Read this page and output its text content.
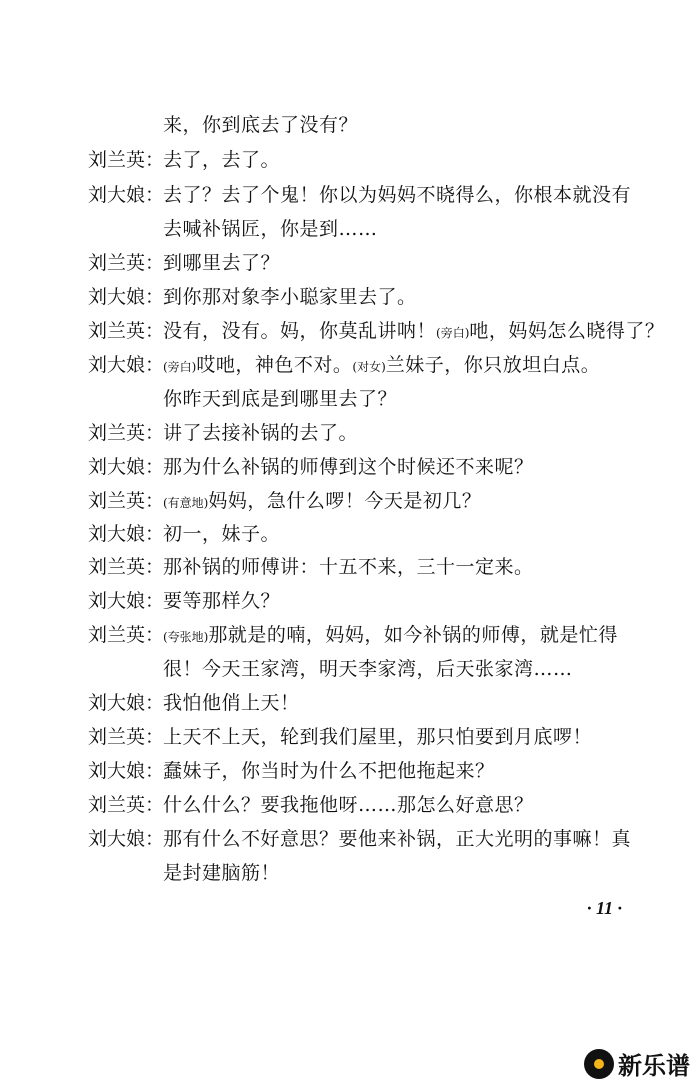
来，你到底去了没有？
刘兰英：
去了，去了。
刘大娘：
去了？去了个鬼！你以为妈妈不晓得么，你根本就没有
去喊补锅匠，你是到……
刘兰英：
到哪里去了？
刘大娘：
到你那对象李小聪家里去了。
刘兰英：
没有，没有。妈，你莫乱讲呐！(旁白)吔，妈妈怎么晓得了？
刘大娘：
(旁白)哎吔，神色不对。(对女)兰妹子，你只放坦白点。
你昨天到底是到哪里去了？
刘兰英：
讲了去接补锅的去了。
刘大娘：
那为什么补锅的师傅到这个时候还不来呢？
刘兰英：
(有意地)妈妈，急什么啰！今天是初几？
刘大娘：
初一，妹子。
刘兰英：
那补锅的师傅讲：十五不来，三十一定来。
刘大娘：
要等那样久？
刘兰英：
(夸张地)那就是的喃，妈妈，如今补锅的师傅，就是忙得
很！今天王家湾，明天李家湾，后天张家湾……
刘大娘：
我怕他俏上天！
刘兰英：
上天不上天，轮到我们屋里，那只怕要到月底啰！
刘大娘：
蠢妹子，你当时为什么不把他拖起来？
刘兰英：
什么什么？要我拖他呀……那怎么好意思？
刘大娘：
那有什么不好意思？要他来补锅，正大光明的事嘛！真
是封建脑筋！
· 11 ·
新乐谱
